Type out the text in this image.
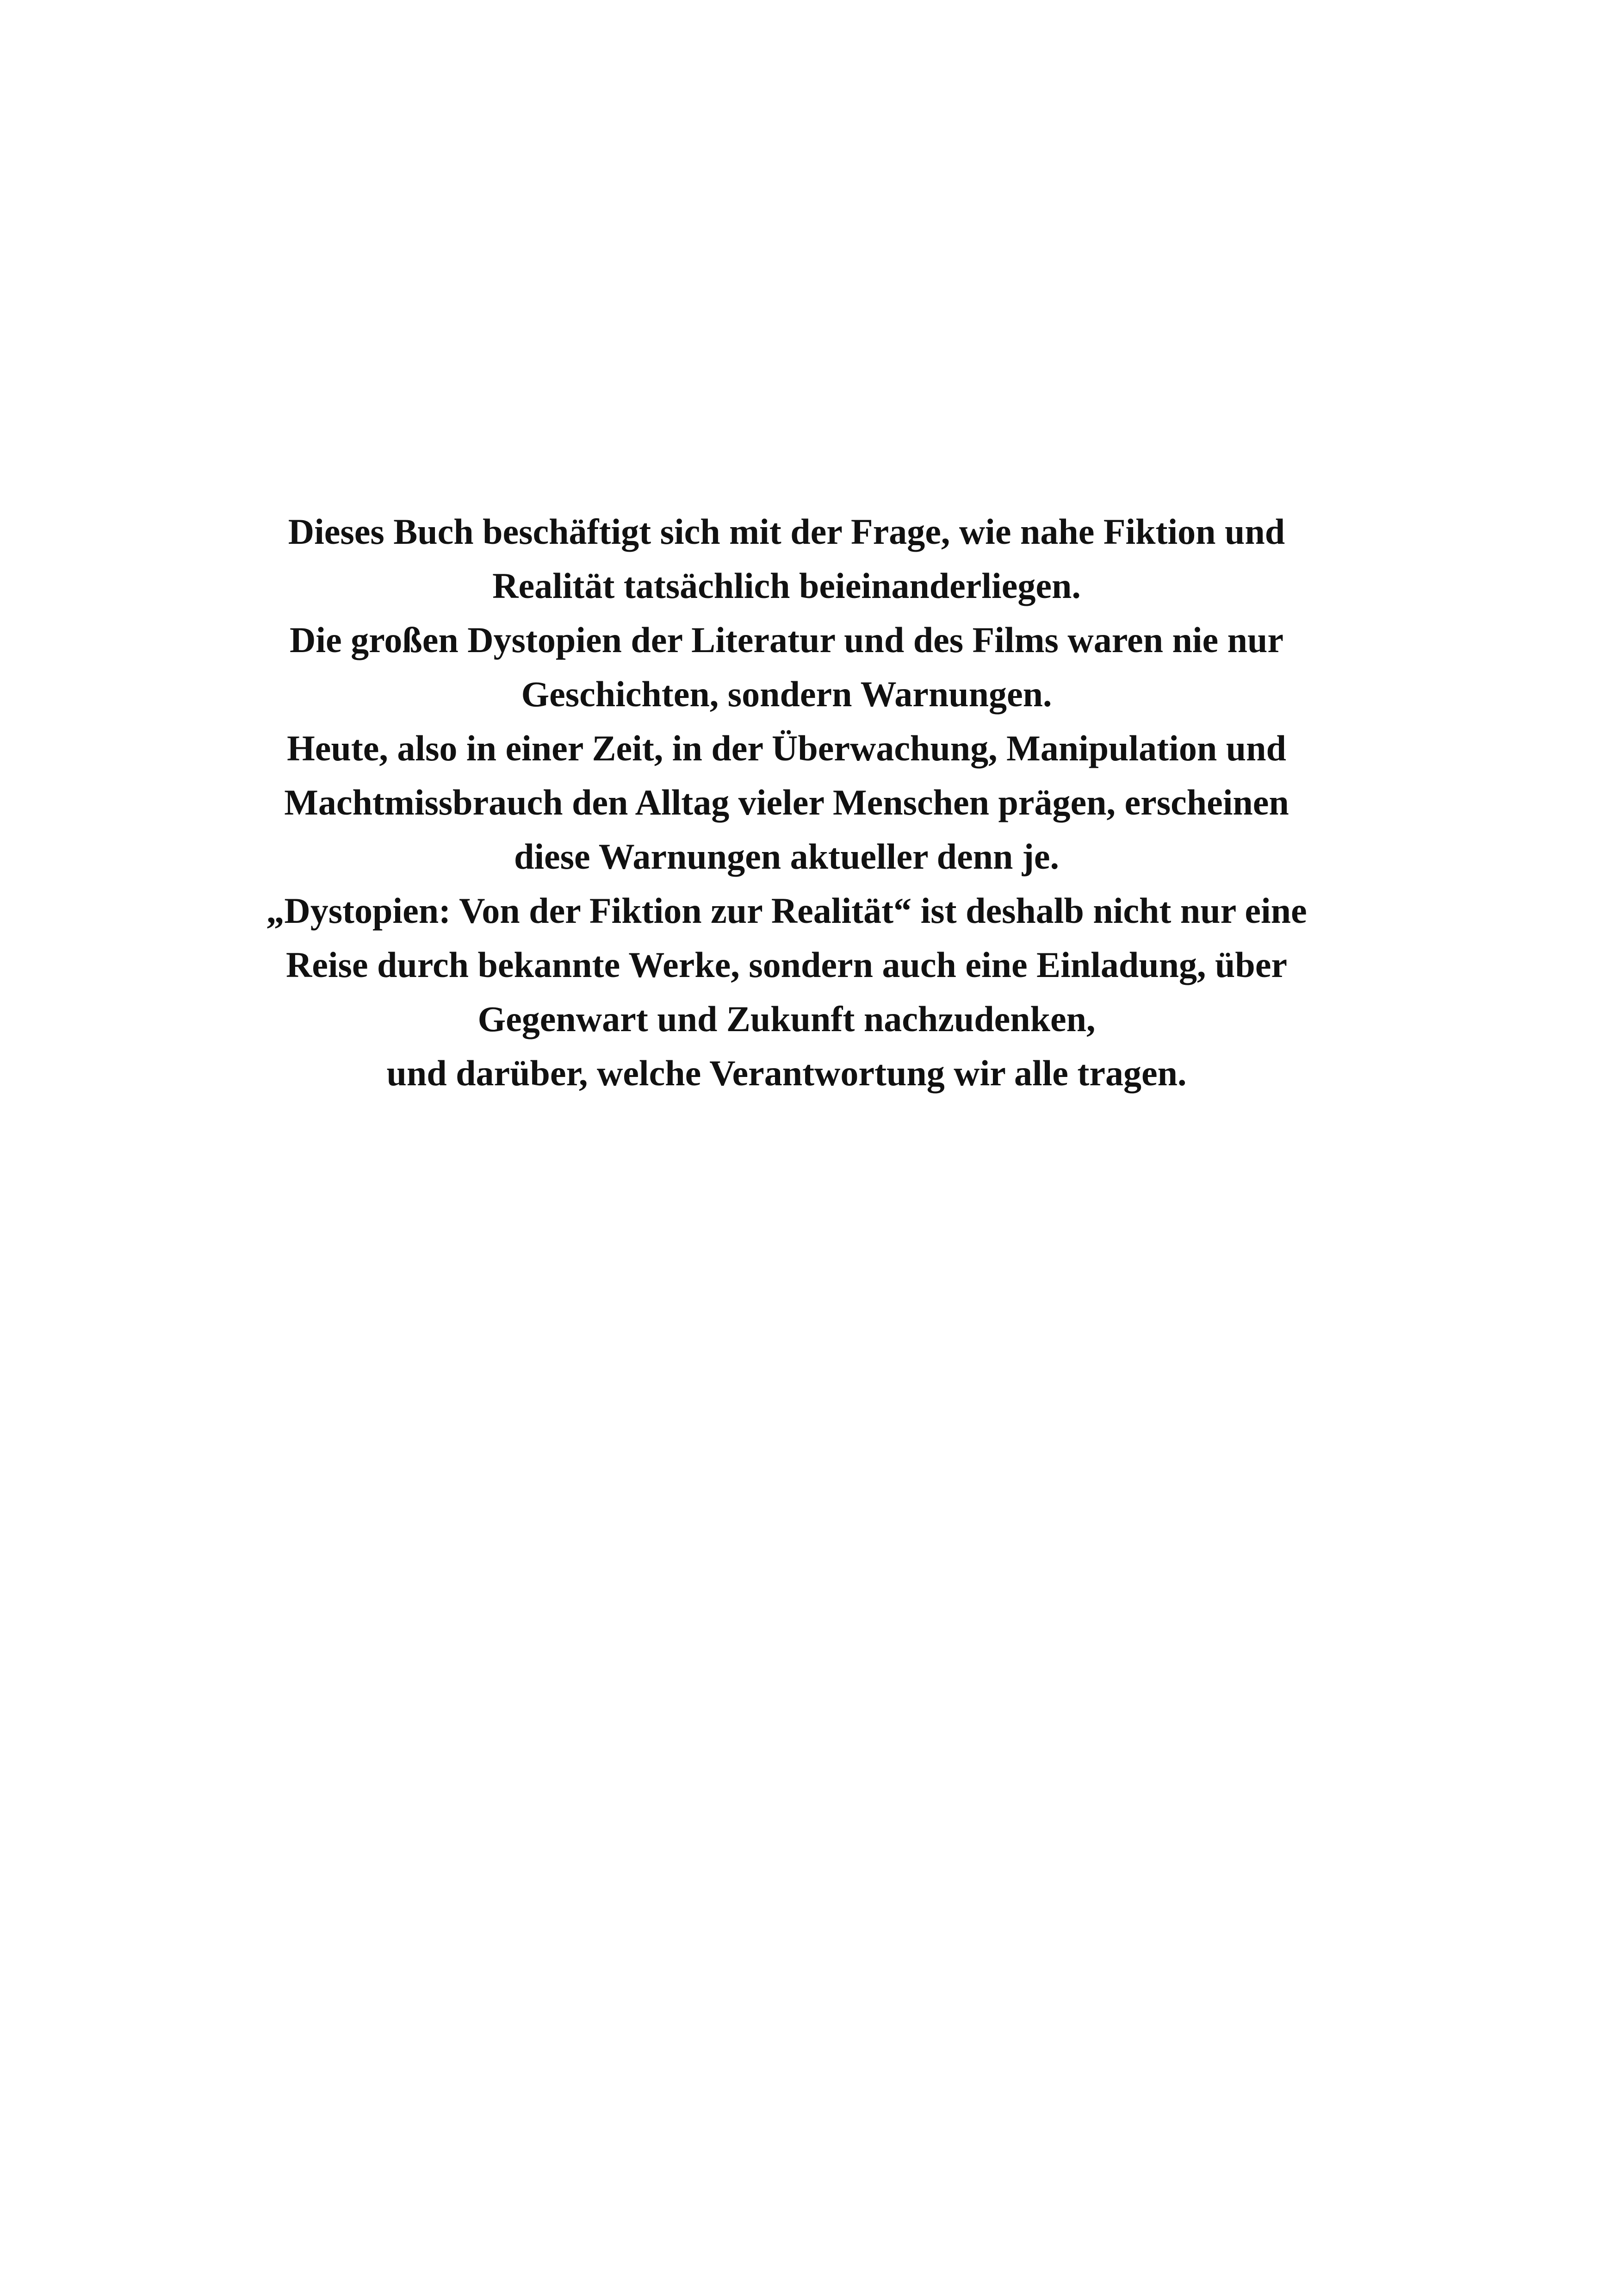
Dieses Buch beschäftigt sich mit der Frage, wie nahe Fiktion und
Realität tatsächlich beieinanderliegen.
Die großen Dystopien der Literatur und des Films waren nie nur
Geschichten, sondern Warnungen.
Heute, also in einer Zeit, in der Überwachung, Manipulation und
Machtmissbrauch den Alltag vieler Menschen prägen, erscheinen
diese Warnungen aktueller denn je.
„Dystopien: Von der Fiktion zur Realität“ ist deshalb nicht nur eine
Reise durch bekannte Werke, sondern auch eine Einladung, über
Gegenwart und Zukunft nachzudenken,
und darüber, welche Verantwortung wir alle tragen.
